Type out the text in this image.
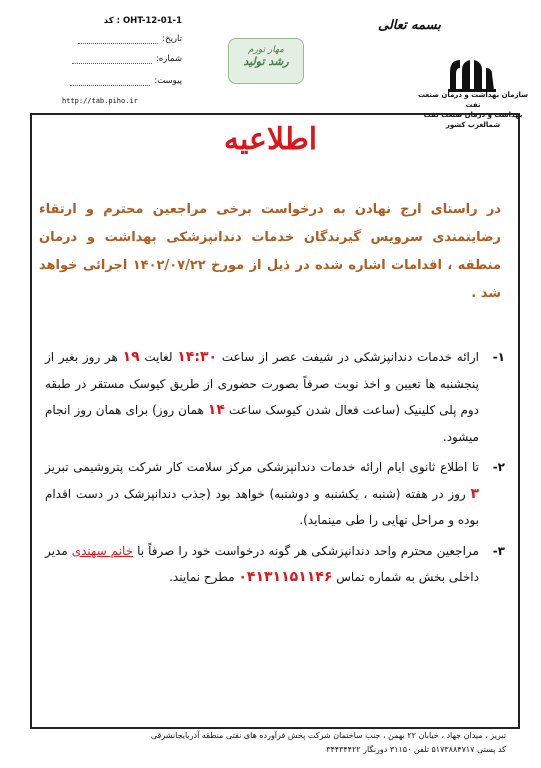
بسمه تعالی
OHT-12-01-1 : کد
تاریخ:
شماره:
پیوست:
http://tab.piho.ir
مهار تورم
رشد تولید
سازمان بهداشت و درمان صنعت نفت
بهداشت و درمان صنعت نفت شمالغرب کشور
اطلاعیه
در راستای ارج نهادن به درخواست برخی مراجعین محترم و ارتقاء رضایتمندی سرویس گیرندگان خدمات دندانپزشکی بهداشت و درمان منطقه ، اقدامات اشاره شده در ذیل از مورخ ۱۴۰۲/۰۷/۲۲ اجرائی خواهد شد .
۱-
ارائه خدمات دندانپزشکی در شیفت عصر از ساعت ۱۴:۳۰ لغایت ۱۹ هر روز بغیر از پنجشنبه ها تعیین و اخذ نوبت صرفاً بصورت حضوری از طریق کیوسک مستقر در طبقه دوم پلی کلینیک (ساعت فعال شدن کیوسک ساعت ۱۴ همان روز) برای همان روز انجام میشود.
۲-
تا اطلاع ثانوی ایام ارائه خدمات دندانپزشکی مرکز سلامت کار شرکت پتروشیمی تبریز ۳ روز در هفته (شنبه ، یکشنبه و دوشنبه) خواهد بود (جذب دندانپزشک در دست اقدام بوده و مراحل نهایی را طی مینماید).
۳-
مراجعین محترم واحد دندانپزشکی هر گونه درخواست خود را صرفاً با خانم سهندی مدیر داخلی بخش به شماره تماس ۰۴۱۳۱۱۵۱۱۴۶ مطرح نمایند.
تبریز ، میدان جهاد ، خیابان ۲۲ بهمن ، جنب ساختمان شرکت پخش فرآورده های نفتی منطقه آذربایجانشرقی
کد پستی ۵۱۷۳۸۸۴۷۱۷ تلفن ۳۱۱۵۰ دورنگار ۳۴۴۳۴۴۲۲
